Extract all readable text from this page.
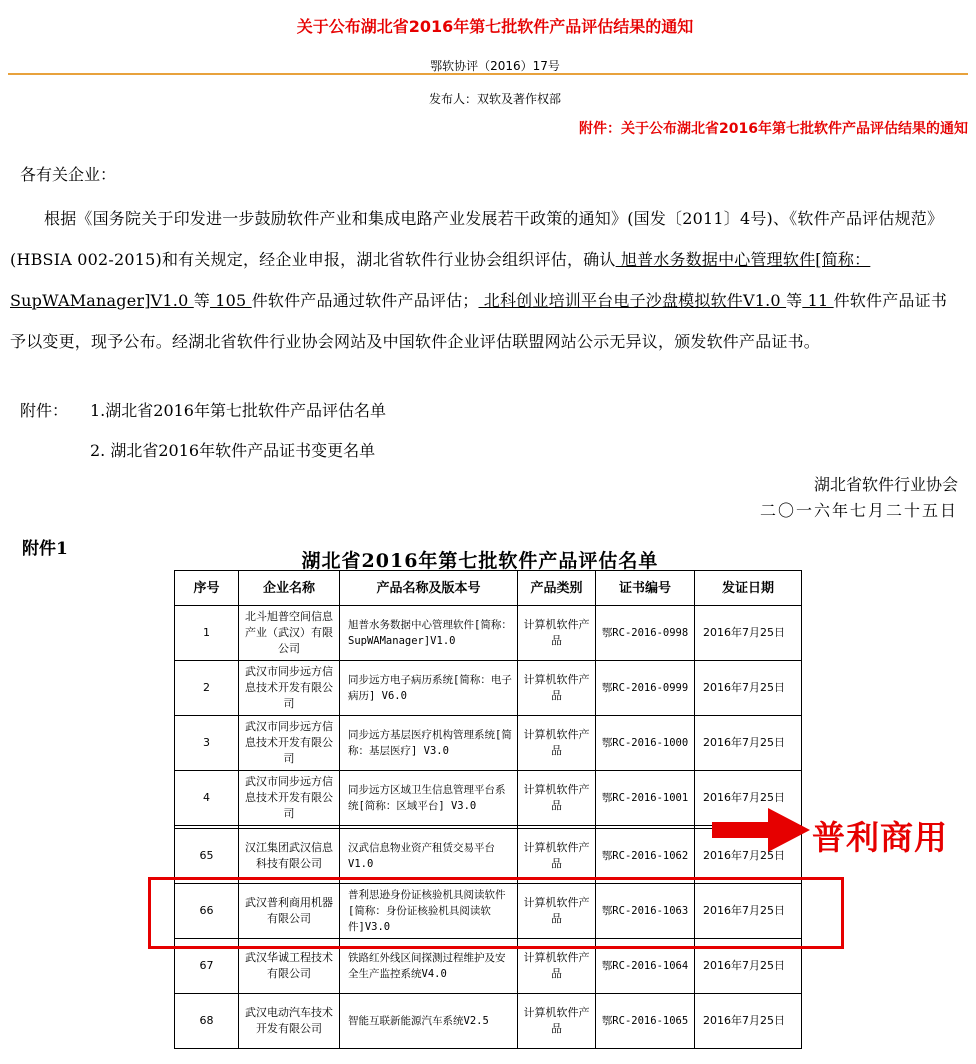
关于公布湖北省2016年第七批软件产品评估结果的通知
鄂软协评（2016）17号
发布人：双软及著作权部
附件：关于公布湖北省2016年第七批软件产品评估结果的通知
各有关企业：
根据《国务院关于印发进一步鼓励软件产业和集成电路产业发展若干政策的通知》(国发〔2011〕4号)、《软件产品评估规范》(HBSIA 002-2015)和有关规定，经企业申报，湖北省软件行业协会组织评估，确认 旭普水务数据中心管理软件[简称：SupWAManager]V1.0 等 105 件软件产品通过软件产品评估； 北科创业培训平台电子沙盘模拟软件V1.0 等 11 件软件产品证书予以变更，现予公布。经湖北省软件行业协会网站及中国软件企业评估联盟网站公示无异议，颁发软件产品证书。
附件： 1.湖北省2016年第七批软件产品评估名单
2. 湖北省2016年软件产品证书变更名单
湖北省软件行业协会
二〇一六年七月二十五日
附件1
湖北省2016年第七批软件产品评估名单
序号	企业名称	产品名称及版本号	产品类别	证书编号	发证日期
1	北斗旭普空间信息产业（武汉）有限公司	旭普水务数据中心管理软件[简称：SupWAManager]V1.0	计算机软件产品	鄂RC-2016-0998	2016年7月25日
2	武汉市同步远方信息技术开发有限公司	同步远方电子病历系统[简称：电子病历] V6.0	计算机软件产品	鄂RC-2016-0999	2016年7月25日
3	武汉市同步远方信息技术开发有限公司	同步远方基层医疗机构管理系统[简称：基层医疗] V3.0	计算机软件产品	鄂RC-2016-1000	2016年7月25日
4	武汉市同步远方信息技术开发有限公司	同步远方区域卫生信息管理平台系统[简称：区域平台] V3.0	计算机软件产品	鄂RC-2016-1001	2016年7月25日

65	汉江集团武汉信息科技有限公司	汉武信息物业资产租赁交易平台V1.0	计算机软件产品	鄂RC-2016-1062	2016年7月25日
66	武汉普利商用机器有限公司	普利思逊身份证核验机具阅读软件[简称：身份证核验机具阅读软件]V3.0	计算机软件产品	鄂RC-2016-1063	2016年7月25日
67	武汉华诚工程技术有限公司	铁路红外线区间探测过程维护及安全生产监控系统V4.0	计算机软件产品	鄂RC-2016-1064	2016年7月25日
68	武汉电动汽车技术开发有限公司	智能互联新能源汽车系统V2.5	计算机软件产品	鄂RC-2016-1065	2016年7月25日
普利商用
